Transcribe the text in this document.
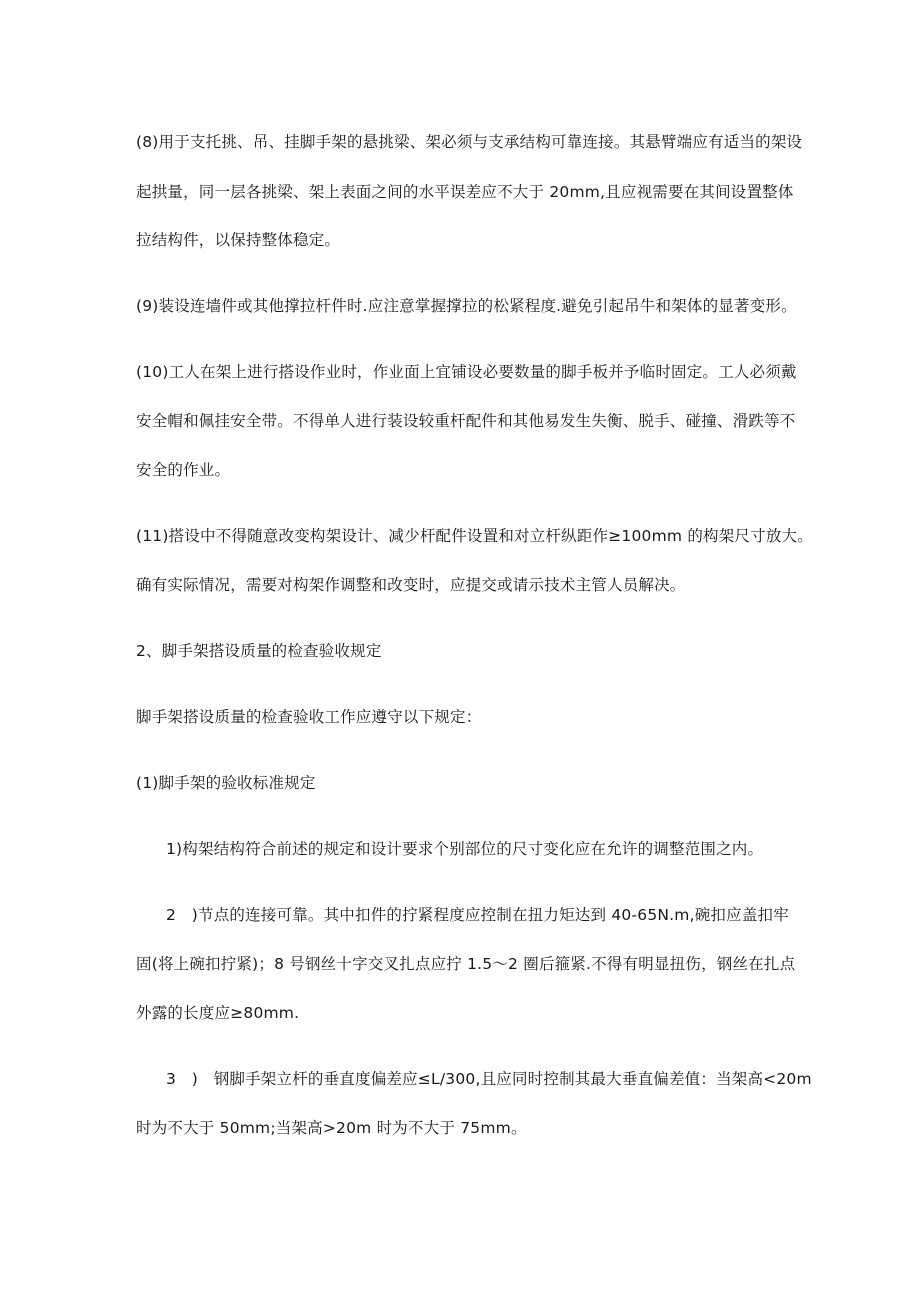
(8)用于支托挑、吊、挂脚手架的悬挑梁、架必须与支承结构可靠连接。其悬臂端应有适当的架设
起拱量，同一层各挑梁、架上表面之间的水平误差应不大于 20mm,且应视需要在其间设置整体
拉结构件，以保持整体稳定。
(9)装设连墙件或其他撑拉杆件时.应注意掌握撑拉的松紧程度.避免引起吊牛和架体的显著变形。
(10)工人在架上进行搭设作业时，作业面上宜铺设必要数量的脚手板并予临时固定。工人必须戴
安全帽和佩挂安全带。不得单人进行装设较重杆配件和其他易发生失衡、脱手、碰撞、滑跌等不
安全的作业。
(11)搭设中不得随意改变构架设计、减少杆配件设置和对立杆纵距作≥100mm 的构架尺寸放大。
确有实际情况，需要对构架作调整和改变时，应提交或请示技术主管人员解决。
2、脚手架搭设质量的检查验收规定
脚手架搭设质量的检查验收工作应遵守以下规定：
(1)脚手架的验收标准规定
1)构架结构符合前述的规定和设计要求个别部位的尺寸变化应在允许的调整范围之内。
2　)节点的连接可靠。其中扣件的拧紧程度应控制在扭力矩达到 40-65N.m,碗扣应盖扣牢
固(将上碗扣拧紧)；8 号钢丝十字交叉扎点应拧 1.5～2 圈后箍紧.不得有明显扭伤，钢丝在扎点
外露的长度应≥80mm.
3　)　钢脚手架立杆的垂直度偏差应≤L/300,且应同时控制其最大垂直偏差值：当架高<20m
时为不大于 50mm;当架高>20m 时为不大于 75mm。
